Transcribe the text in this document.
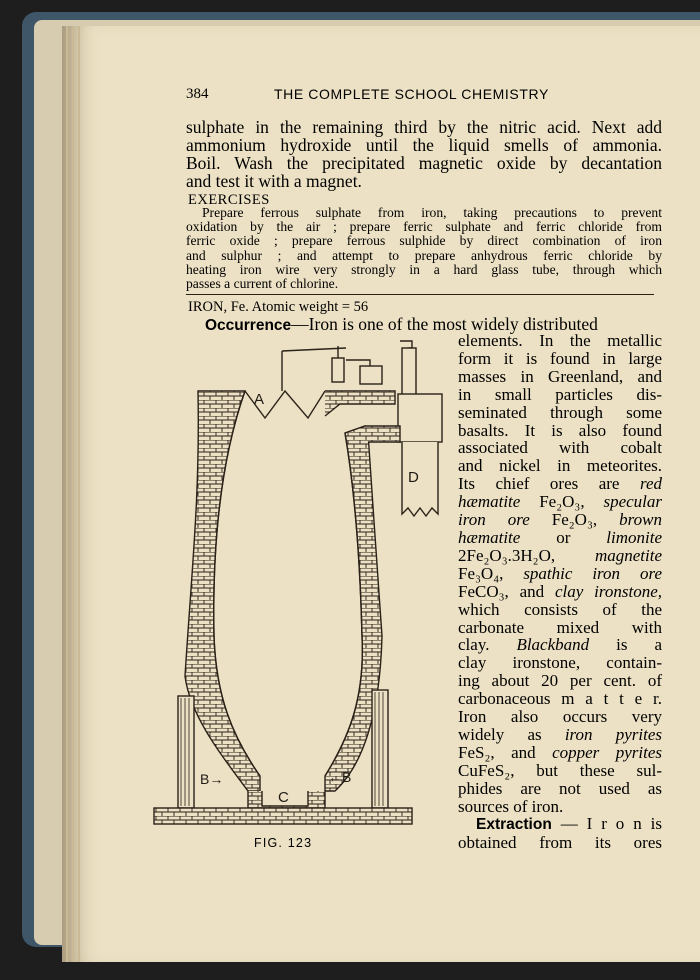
384	THE COMPLETE SCHOOL CHEMISTRY
sulphate in the remaining third by the nitric acid. Next add
ammonium hydroxide until the liquid smells of ammonia.
Boil. Wash the precipitated magnetic oxide by decantation
and test it with a magnet.
EXERCISES
Prepare ferrous sulphate from iron, taking precautions to prevent
oxidation by the air ; prepare ferric sulphate and ferric chloride from
ferric oxide ; prepare ferrous sulphide by direct combination of iron
and sulphur ; and attempt to prepare anhydrous ferric chloride by
heating iron wire very strongly in a hard glass tube, through which
passes a current of chlorine.
IRON, Fe. Atomic weight = 56
Occurrence—Iron is one of the most widely distributed
elements. In the metallic
form it is found in large
masses in Greenland, and
in small particles dis-
seminated through some
basalts. It is also found
associated with cobalt
and nickel in meteorites.
Its chief ores are red
hæmatite Fe₂O₃, specular
iron ore Fe₂O₃, brown
hæmatite or limonite
2Fe₂O₃.3H₂O, magnetite
Fe₃O₄, spathic iron ore
FeCO₃, and clay ironstone,
which consists of the
carbonate mixed with
clay. Blackband is a
clay ironstone, contain-
ing about 20 per cent. of
carbonaceous m a t t e r.
Iron also occurs very
widely as iron pyrites
FeS₂, and copper pyrites
CuFeS₂, but these sul-
phides are not used as
sources of iron.
Extraction — I r o n is
obtained from its ores
A
D
B→	←B
C
FIG. 123
